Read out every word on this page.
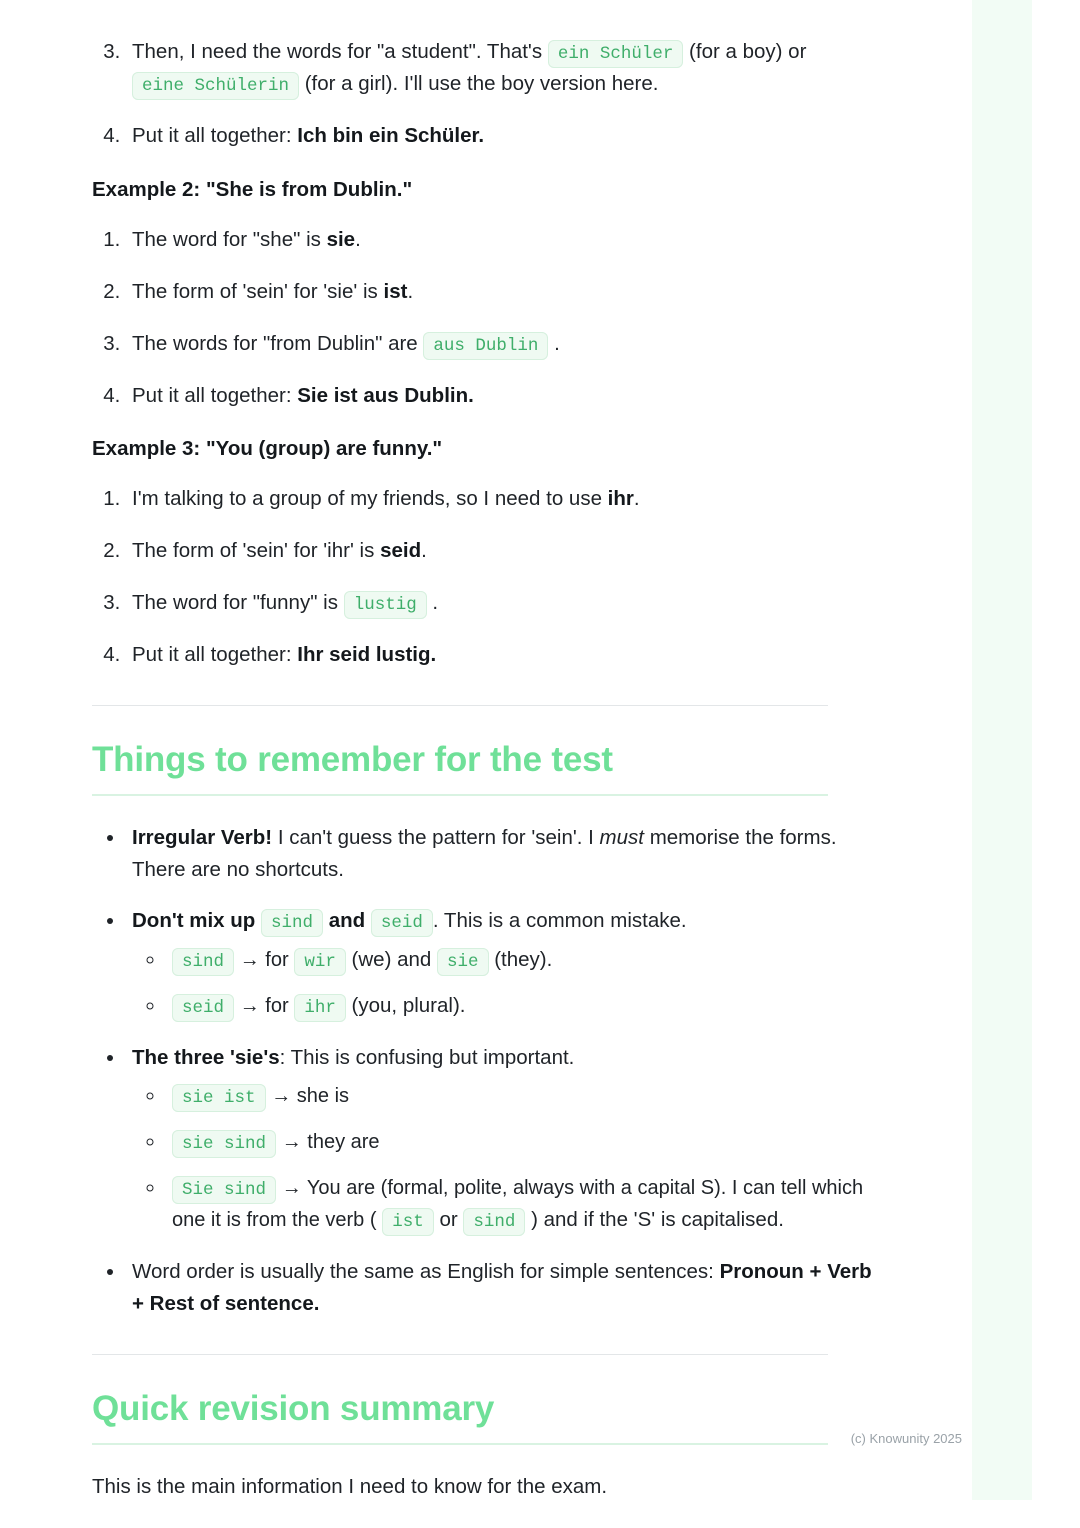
3. Then, I need the words for "a student". That's ein Schüler (for a boy) or eine Schülerin (for a girl). I'll use the boy version here.
4. Put it all together: Ich bin ein Schüler.

Example 2: "She is from Dublin."

1. The word for "she" is sie.
2. The form of 'sein' for 'sie' is ist.
3. The words for "from Dublin" are aus Dublin .
4. Put it all together: Sie ist aus Dublin.

Example 3: "You (group) are funny."

1. I'm talking to a group of my friends, so I need to use ihr.
2. The form of 'sein' for 'ihr' is seid.
3. The word for "funny" is lustig .
4. Put it all together: Ihr seid lustig.
Things to remember for the test
• Irregular Verb! I can't guess the pattern for 'sein'. I must memorise the forms. There are no shortcuts.
• Don't mix up sind and seid . This is a common mistake.
◦ sind → for wir (we) and sie (they).
◦ seid → for ihr (you, plural).
• The three 'sie's: This is confusing but important.
◦ sie ist → she is
◦ sie sind → they are
◦ Sie sind → You are (formal, polite, always with a capital S). I can tell which one it is from the verb ( ist or sind ) and if the 'S' is capitalised.
• Word order is usually the same as English for simple sentences: Pronoun + Verb + Rest of sentence.
Quick revision summary

This is the main information I need to know for the exam.

(c) Knowunity 2025
